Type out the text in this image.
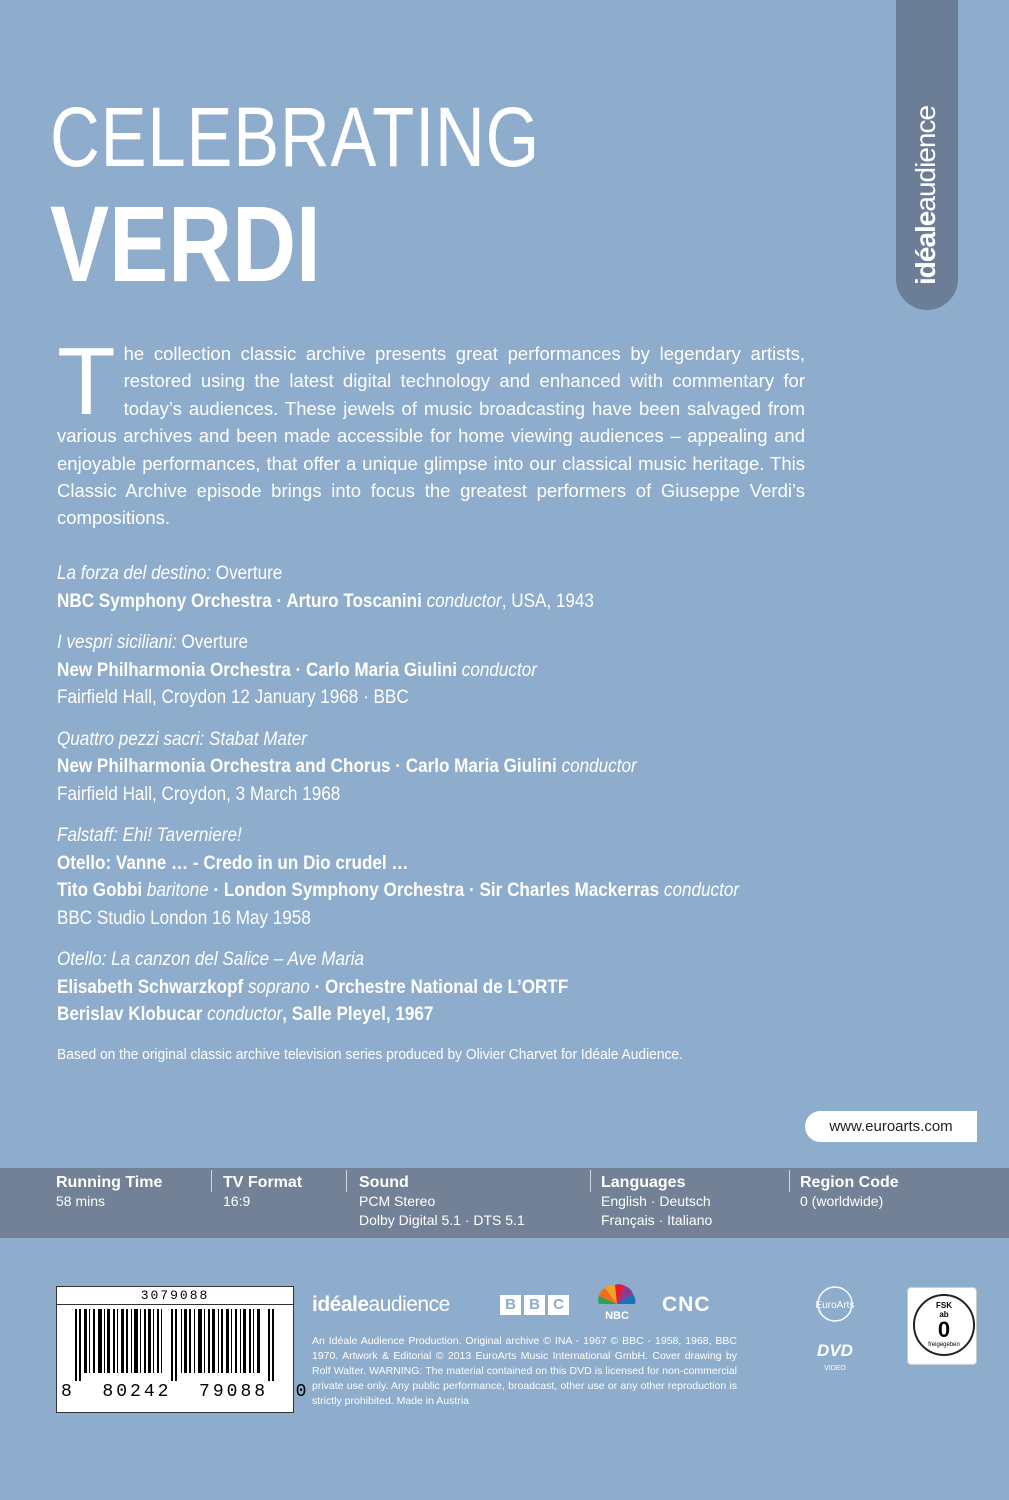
idéaleaudience
CELEBRATING
VERDI
The collection classic archive presents great performances by legendary artists, restored using the latest digital technology and enhanced with commentary for today’s audiences. These jewels of music broadcasting have been salvaged from various archives and been made accessible for home viewing audiences – appealing and enjoyable performances, that offer a unique glimpse into our classical music heritage. This Classic Archive episode brings into focus the greatest performers of Giuseppe Verdi’s compositions.
La forza del destino: Overture
NBC Symphony Orchestra · Arturo Toscanini conductor, USA, 1943
I vespri siciliani: Overture
New Philharmonia Orchestra · Carlo Maria Giulini conductor
Fairfield Hall, Croydon 12 January 1968 · BBC
Quattro pezzi sacri: Stabat Mater
New Philharmonia Orchestra and Chorus · Carlo Maria Giulini conductor
Fairfield Hall, Croydon, 3 March 1968
Falstaff: Ehi! Taverniere!
Otello: Vanne … - Credo in un Dio crudel …
Tito Gobbi baritone · London Symphony Orchestra · Sir Charles Mackerras conductor
BBC Studio London 16 May 1958
Otello: La canzon del Salice – Ave Maria
Elisabeth Schwarzkopf soprano · Orchestre National de L’ORTF
Berislav Klobucar conductor, Salle Pleyel, 1967
Based on the original classic archive television series produced by Olivier Charvet for Idéale Audience.
www.euroarts.com
Running Time
58 mins
TV Format
16:9
Sound
PCM Stereo
Dolby Digital 5.1 · DTS 5.1
Languages
English · Deutsch
Français · Italiano
Region Code
0 (worldwide)
3079088
8 80242 79088 0
idéaleaudience	B B C
NBC CNC
An Idéale Audience Production. Original archive © INA - 1967 © BBC - 1958, 1968, BBC 1970. Artwork & Editorial © 2013 EuroArts Music International GmbH. Cover drawing by Rolf Walter. WARNING: The material contained on this DVD is licensed for non-commercial private use only. Any public performance, broadcast, other use or any other reproduction is strictly prohibited. Made in Austria
EuroArts
DVD
VIDEO
FSK
ab
0
freigegeben
